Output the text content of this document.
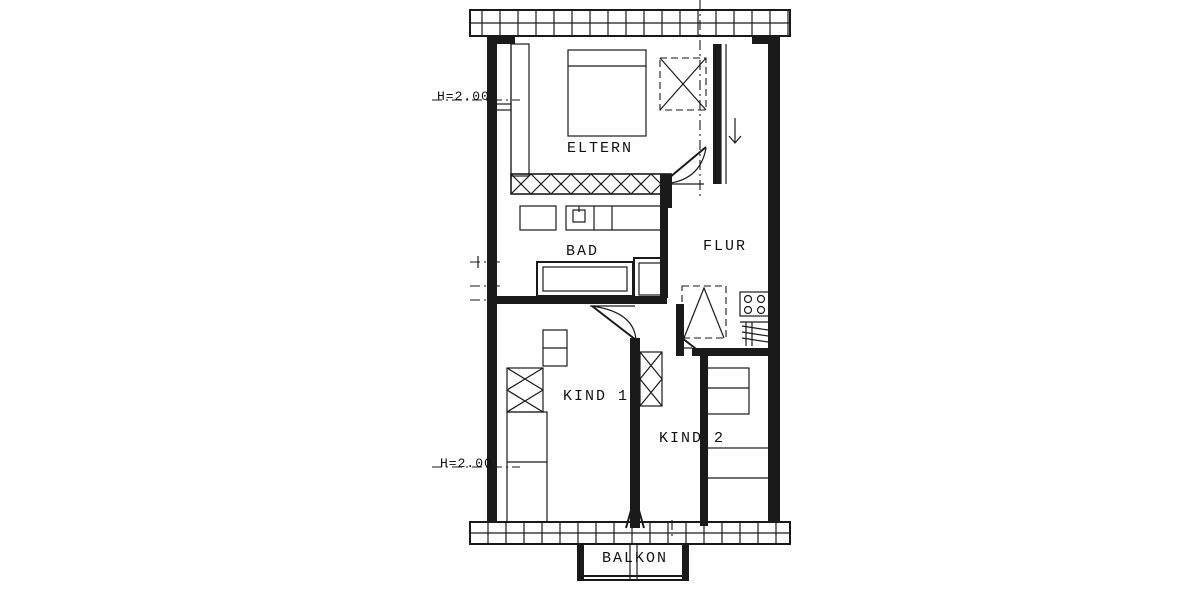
ELTERN
BAD	FLUR
KIND 1
KIND 2
BALKON
H=2.00
H=2.00
